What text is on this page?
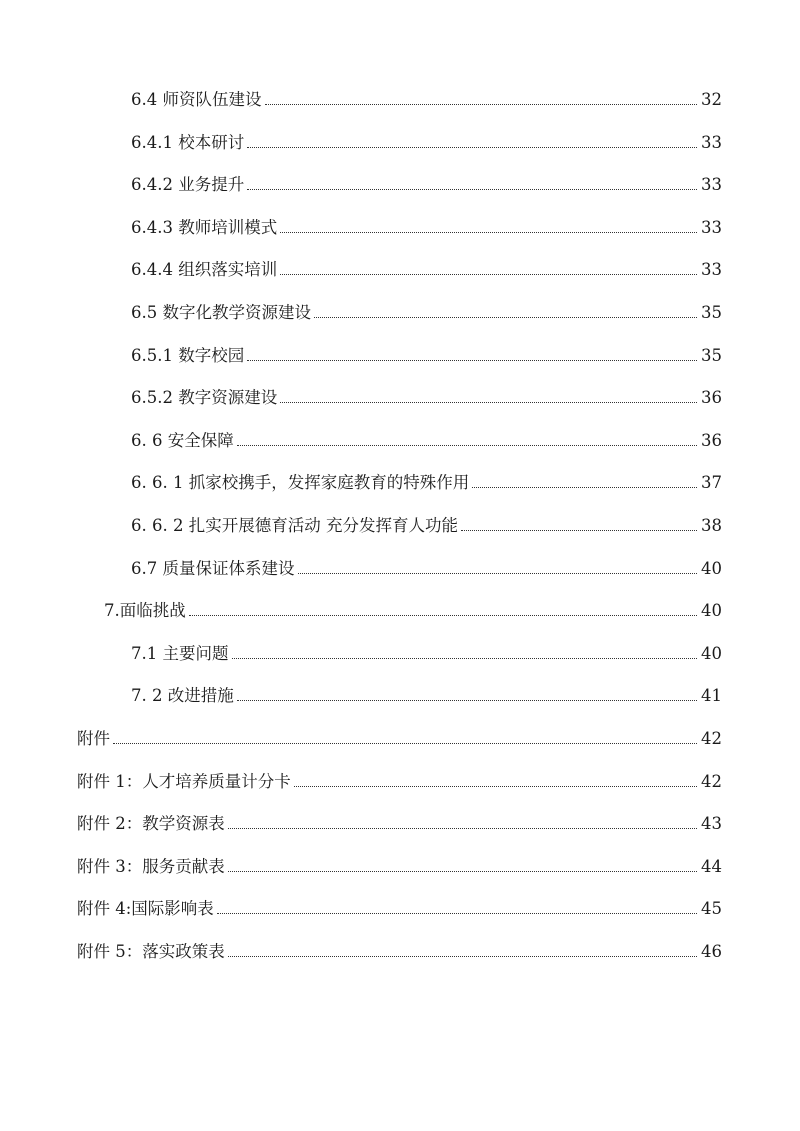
6.4 师资队伍建设	32
6.4.1 校本研讨	33
6.4.2 业务提升	33
6.4.3 教师培训模式	33
6.4.4 组织落实培训	33
6.5 数字化教学资源建设	35
6.5.1 数字校园	35
6.5.2 教字资源建设	36
6. 6 安全保障	36
6. 6. 1 抓家校携手，发挥家庭教育的特殊作用	37
6. 6. 2 扎实开展德育活动 充分发挥育人功能	38
6.7 质量保证体系建设	40
7.面临挑战	40
7.1 主要问题	40
7. 2 改进措施	41
附件	42
附件 1：人才培养质量计分卡	42
附件 2：教学资源表	43
附件 3：服务贡献表	44
附件 4:国际影响表	45
附件 5：落实政策表	46
